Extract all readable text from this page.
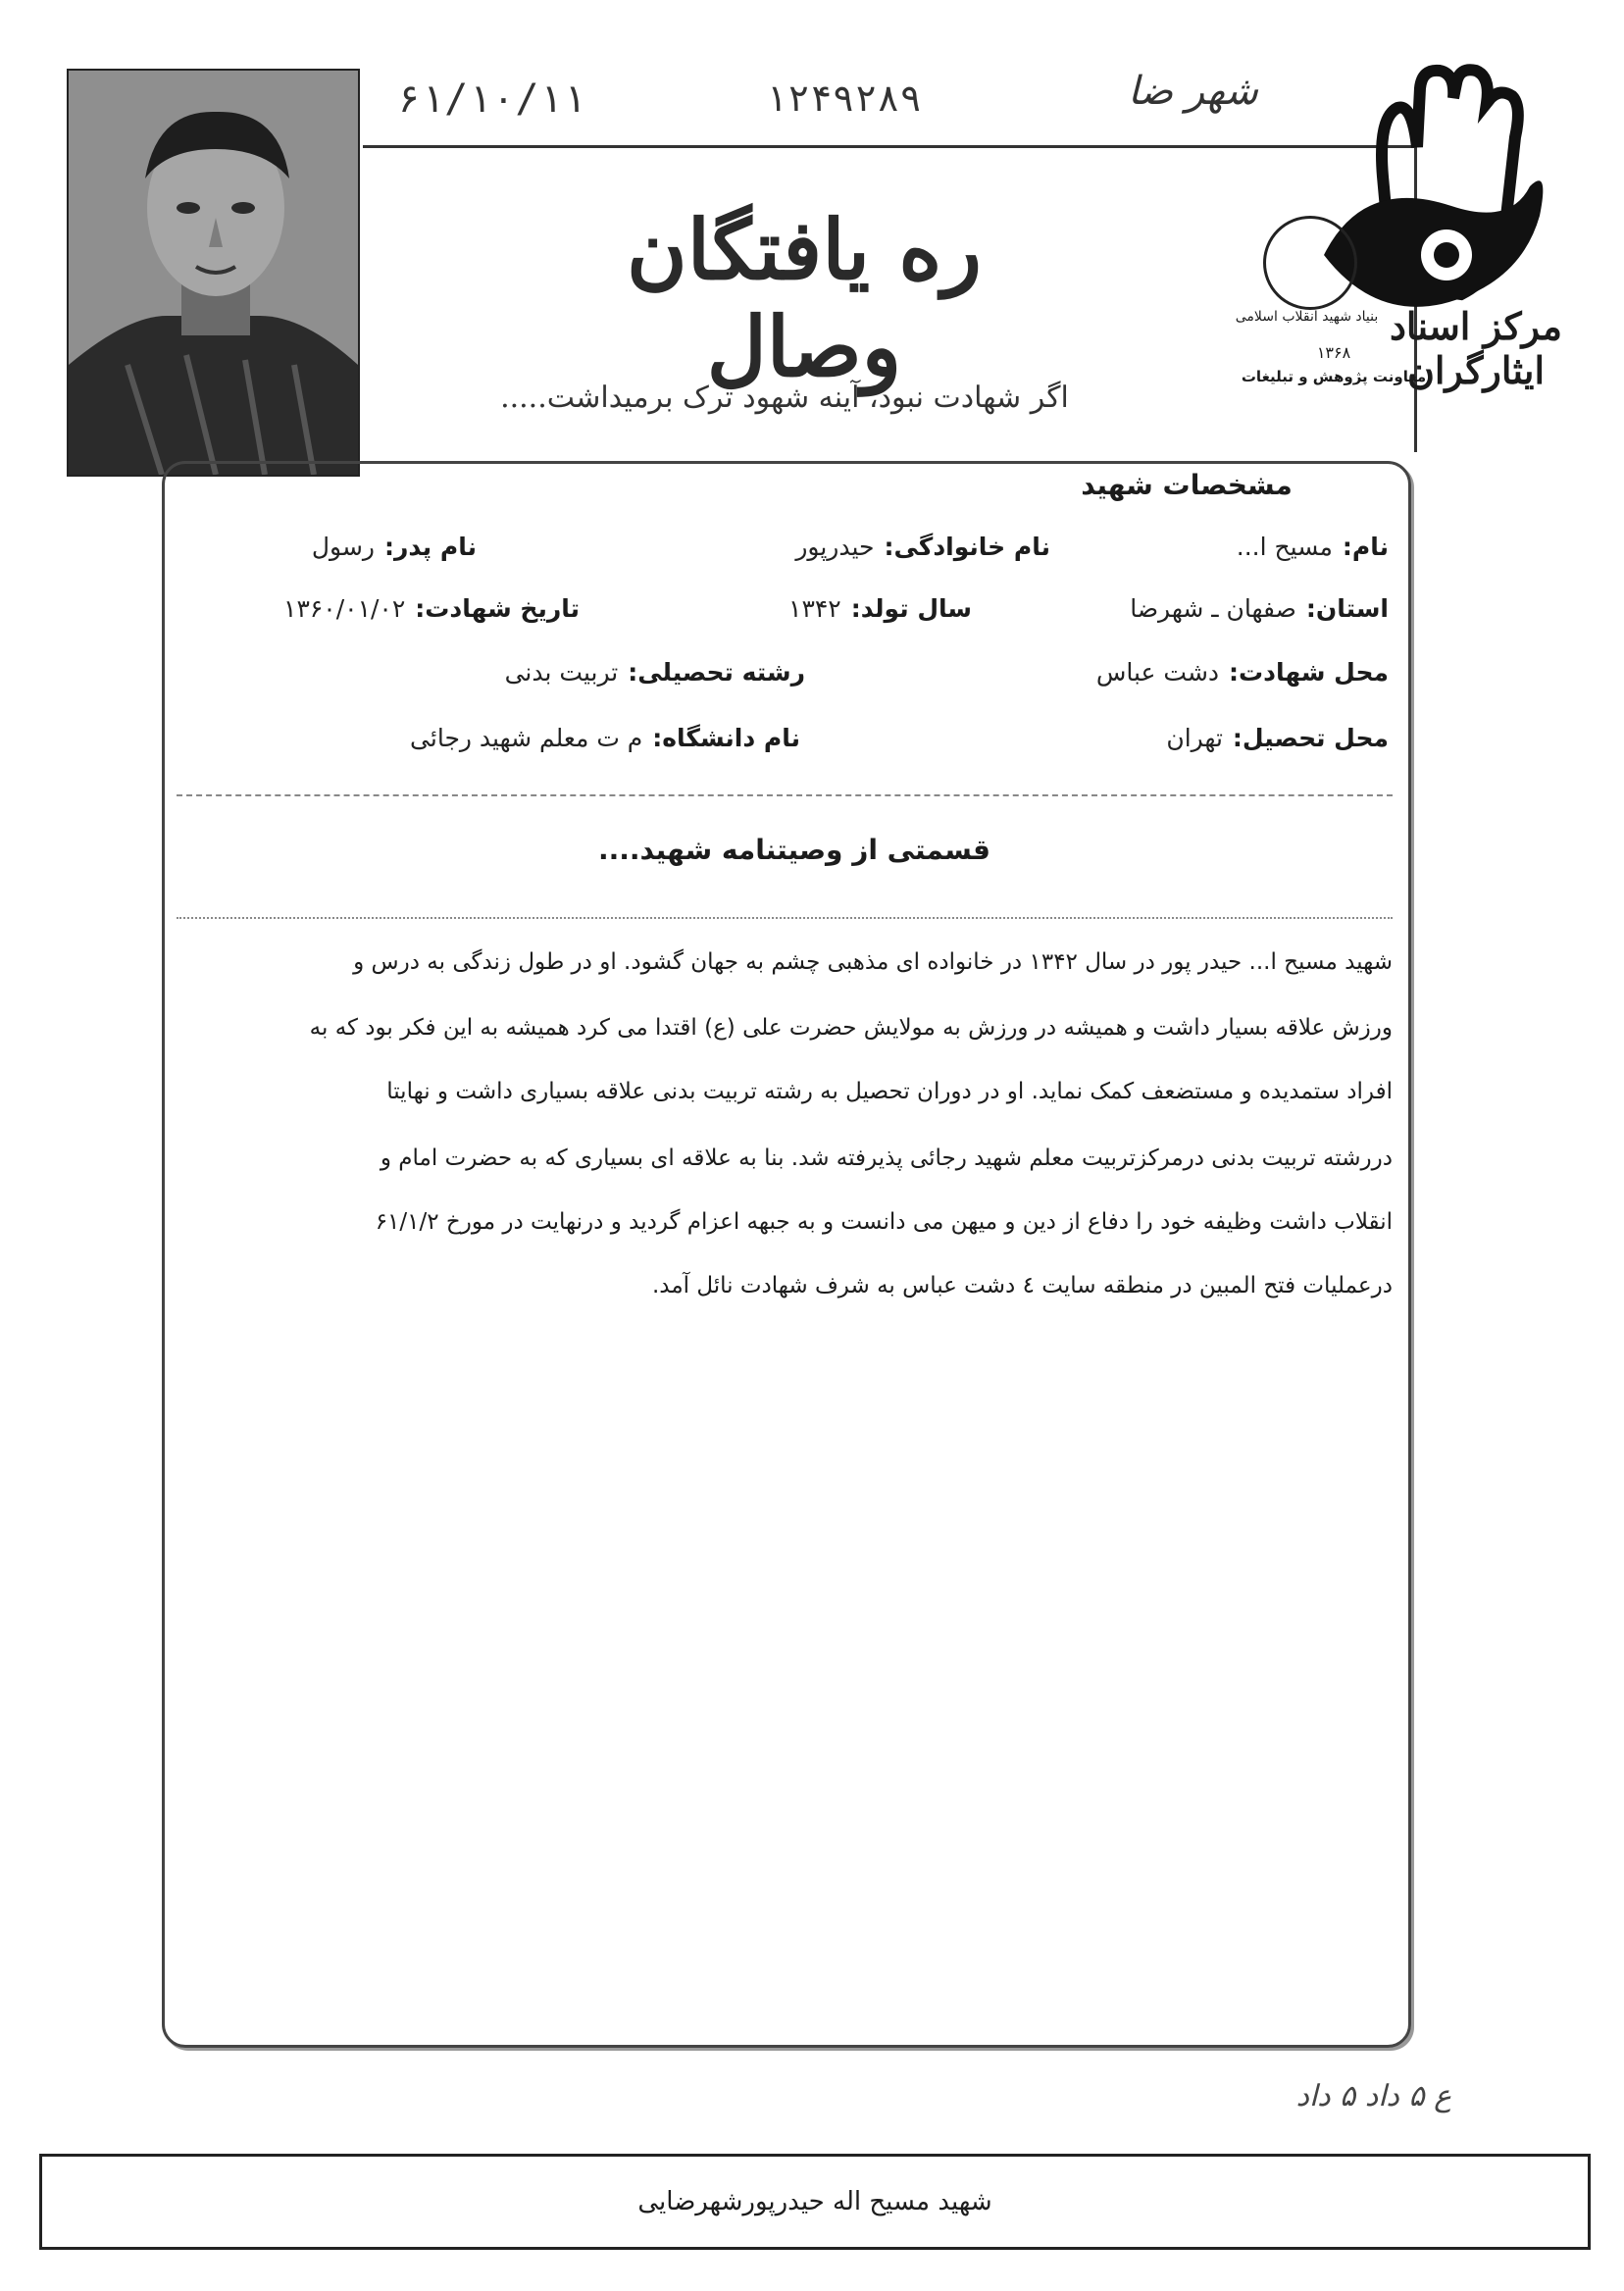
۶۱/۱۰/۱۱	۱۲۴۹۲۸۹	شهر ضا
ره یافتگان وصال
اگر شهادت نبود، آینه شهود ترک برمیداشت.....
بنیاد شهید انقلاب اسلامی مرکز اسناد ایثارگران
۱۳۶۸
معاونت پژوهش و تبلیغات
مشخصات شهید
نام:
مسیح ا...
نام خانوادگی:
حیدرپور
نام پدر:
رسول
استان:
صفهان ـ شهرضا
سال تولد:
۱۳۴۲
تاریخ شهادت:
۱۳۶۰/۰۱/۰۲
محل شهادت:
دشت عباس
رشته تحصیلی:
تربیت بدنی
محل تحصیل:
تهران
نام دانشگاه:
م ت معلم شهید رجائی
قسمتی از وصیتنامه شهید....
شهید مسیح ا... حیدر پور در سال ۱۳۴۲ در خانواده ای مذهبی چشم به جهان گشود. او در طول زندگی به درس و
ورزش علاقه بسیار داشت و همیشه در ورزش به مولایش حضرت علی (ع) اقتدا می کرد همیشه به این فکر بود که به
افراد ستمدیده و مستضعف کمک نماید. او در دوران تحصیل به رشته تربیت بدنی علاقه بسیاری داشت و نهایتا
دررشته تربیت بدنی درمرکزتربیت معلم شهید رجائی پذیرفته شد. بنا به علاقه ای بسیاری که به حضرت امام و
انقلاب داشت وظیفه خود را دفاع از دین و میهن می دانست و به جبهه اعزام گردید و درنهایت در مورخ ۶۱/۱/۲
درعملیات فتح المبین در منطقه سایت ٤ دشت عباس به شرف شهادت نائل آمد.
ع ۵ داد ۵ داد
شهید مسیح اله حیدرپورشهرضایی
